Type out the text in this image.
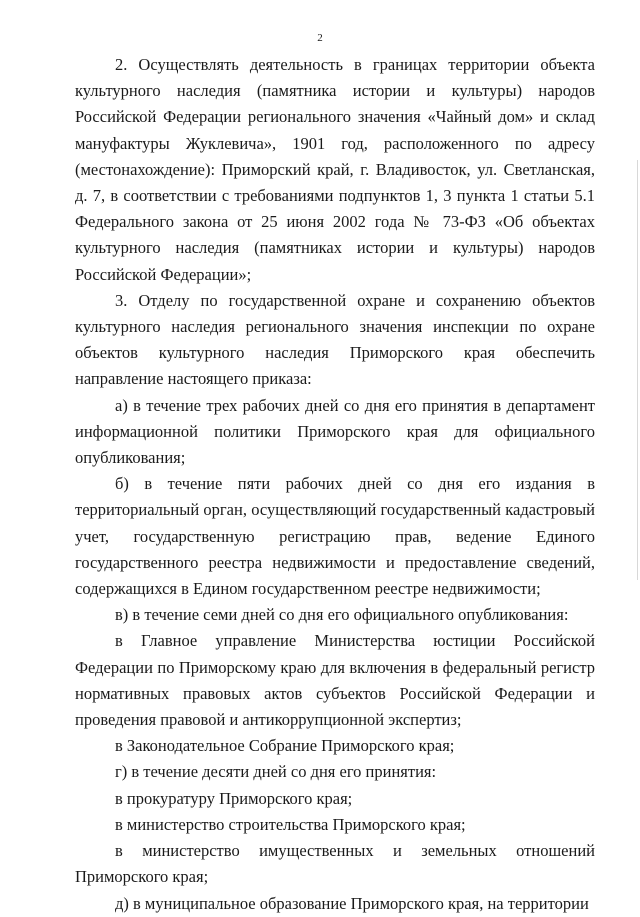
2

2. Осуществлять деятельность в границах территории объекта культурного наследия (памятника истории и культуры) народов Российской Федерации регионального значения «Чайный дом» и склад мануфактуры Жуклевича», 1901 год, расположенного по адресу (местонахождение): Приморский край, г. Владивосток, ул. Светланская, д. 7, в соответствии с требованиями подпунктов 1, 3 пункта 1 статьи 5.1 Федерального закона от 25 июня 2002 года № 73-ФЗ «Об объектах культурного наследия (памятниках истории и культуры) народов Российской Федерации»;

3. Отделу по государственной охране и сохранению объектов культурного наследия регионального значения инспекции по охране объектов культурного наследия Приморского края обеспечить направление настоящего приказа:

а) в течение трех рабочих дней со дня его принятия в департамент информационной политики Приморского края для официального опубликования;

б) в течение пяти рабочих дней со дня его издания в территориальный орган, осуществляющий государственный кадастровый учет, государственную регистрацию прав, ведение Единого государственного реестра недвижимости и предоставление сведений, содержащихся в Едином государственном реестре недвижимости;

в) в течение семи дней со дня его официального опубликования:

в Главное управление Министерства юстиции Российской Федерации по Приморскому краю для включения в федеральный регистр нормативных правовых актов субъектов Российской Федерации и проведения правовой и антикоррупционной экспертиз;

в Законодательное Собрание Приморского края;

г) в течение десяти дней со дня его принятия:

в прокуратуру Приморского края;

в министерство строительства Приморского края;

в министерство имущественных и земельных отношений Приморского края;

д) в муниципальное образование Приморского края, на территории
